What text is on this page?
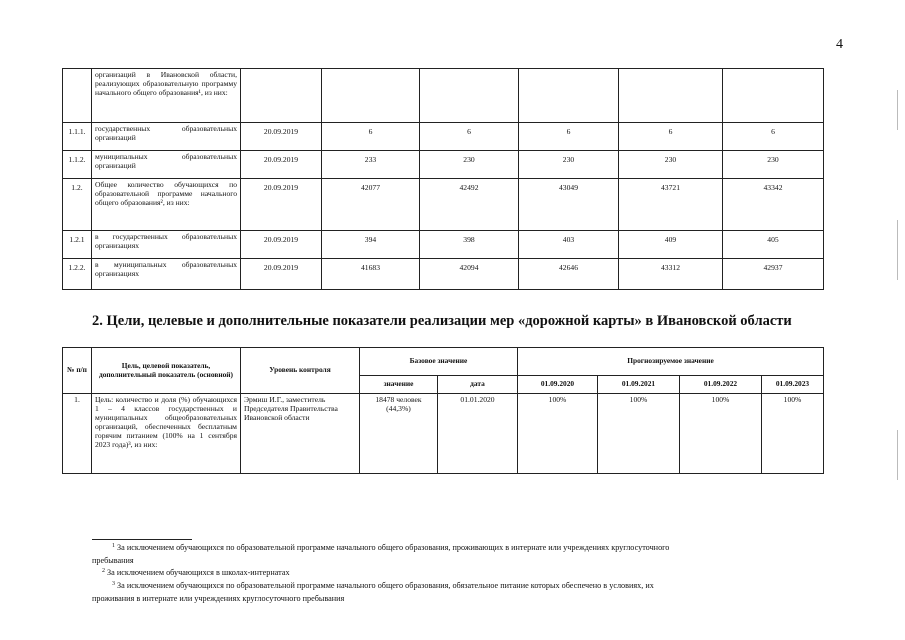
4
	организаций в Ивановской области, реализующих образовательную программу начального общего образования¹, из них:						
1.1.1.	государственных образовательных организаций	20.09.2019	6	6	6	6	6
1.1.2.	муниципальных образовательных организаций	20.09.2019	233	230	230	230	230
1.2.	Общее количество обучающихся по образовательной программе начального общего образования², из них:	20.09.2019	42077	42492	43049	43721	43342
1.2.1	в государственных образовательных организациях	20.09.2019	394	398	403	409	405
1.2.2.	в муниципальных образовательных организациях	20.09.2019	41683	42094	42646	43312	42937
2. Цели, целевые и дополнительные показатели реализации мер «дорожной карты» в Ивановской области
№ п/п	Цель, целевой показатель, дополнительный показатель (основной)	Уровень контроля	Базовое значение		Прогнозируемое значение			
			значение	дата	01.09.2020	01.09.2021	01.09.2022	01.09.2023
1.	Цель: количество и доля (%) обучающихся 1 – 4 классов государственных и муниципальных общеобразовательных организаций, обеспеченных бесплатным горячим питанием (100% на 1 сентября 2023 года)³, из них:	Эрмиш И.Г., заместитель Председателя Правительства Ивановской области	18478 человек (44,3%)	01.01.2020	100%	100%	100%	100%
$^1$ За исключением обучающихся по образовательной программе начального общего образования, проживающих в интернате или учреждениях круглосуточного
пребывания
$^2$ За исключением обучающихся в школах-интернатах
$^3$ За исключением обучающихся по образовательной программе начального общего образования, обязательное питание которых обеспечено в условиях, их
проживания в интернате или учреждениях круглосуточного пребывания
